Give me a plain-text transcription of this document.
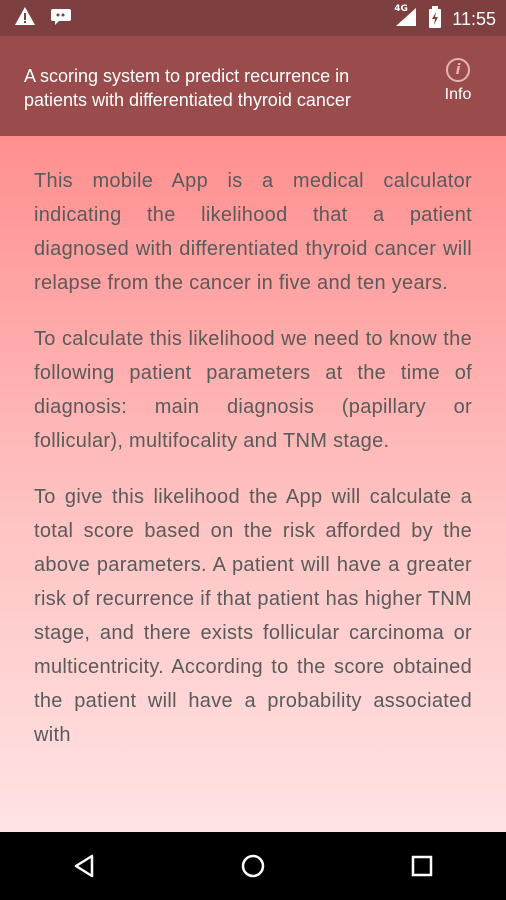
4G 11:55
A scoring system to predict recurrence in patients with differentiated thyroid cancer
i
Info

This mobile App is a medical calculator indicating the likelihood that a patient diagnosed with differentiated thyroid cancer will relapse from the cancer in five and ten years.

To calculate this likelihood we need to know the following patient parameters at the time of diagnosis: main diagnosis (papillary or follicular), multifocality and TNM stage.

To give this likelihood the App will calculate a total score based on the risk afforded by the above parameters. A patient will have a greater risk of recurrence if that patient has higher TNM stage, and there exists follicular carcinoma or multicentricity. According to the score obtained the patient will have a probability associated with
